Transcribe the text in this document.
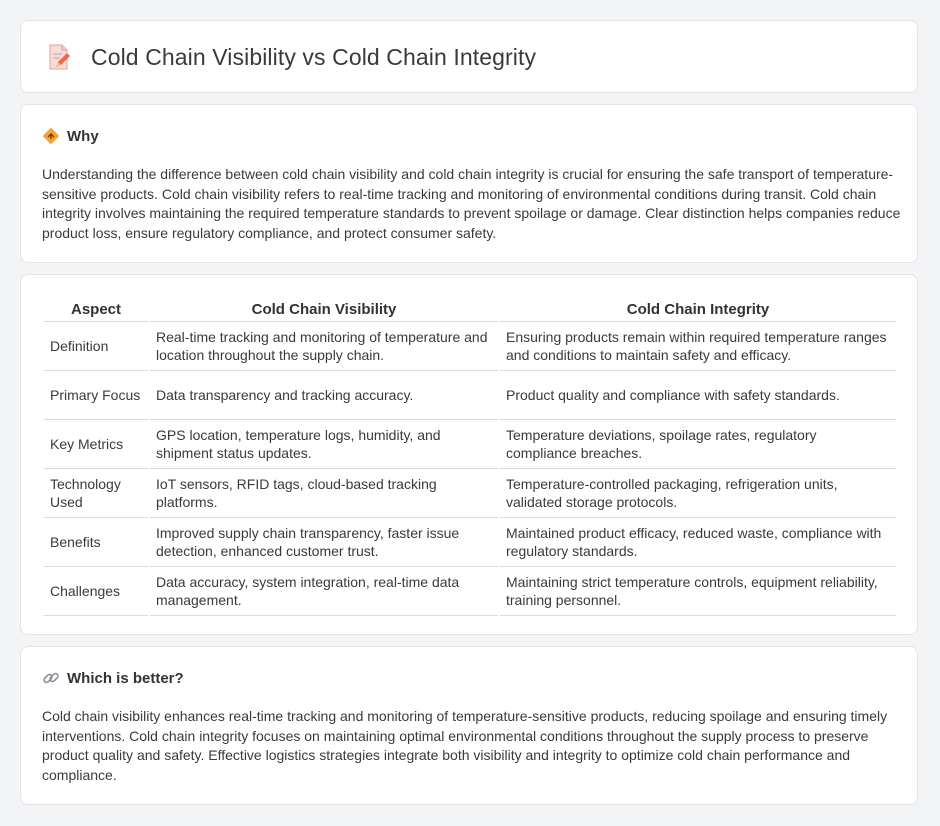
Cold Chain Visibility vs Cold Chain Integrity
Why

Understanding the difference between cold chain visibility and cold chain integrity is crucial for ensuring the safe transport of temperature-sensitive products. Cold chain visibility refers to real-time tracking and monitoring of environmental conditions during transit. Cold chain integrity involves maintaining the required temperature standards to prevent spoilage or damage. Clear distinction helps companies reduce product loss, ensure regulatory compliance, and protect consumer safety.

Aspect	Cold Chain Visibility	Cold Chain Integrity
Definition	Real-time tracking and monitoring of temperature and location throughout the supply chain.	Ensuring products remain within required temperature ranges and conditions to maintain safety and efficacy.
Primary Focus	Data transparency and tracking accuracy.	Product quality and compliance with safety standards.
Key Metrics	GPS location, temperature logs, humidity, and shipment status updates.	Temperature deviations, spoilage rates, regulatory compliance breaches.
Technology Used	IoT sensors, RFID tags, cloud-based tracking platforms.	Temperature-controlled packaging, refrigeration units, validated storage protocols.
Benefits	Improved supply chain transparency, faster issue detection, enhanced customer trust.	Maintained product efficacy, reduced waste, compliance with regulatory standards.
Challenges	Data accuracy, system integration, real-time data management.	Maintaining strict temperature controls, equipment reliability, training personnel.
Which is better?

Cold chain visibility enhances real-time tracking and monitoring of temperature-sensitive products, reducing spoilage and ensuring timely interventions. Cold chain integrity focuses on maintaining optimal environmental conditions throughout the supply process to preserve product quality and safety. Effective logistics strategies integrate both visibility and integrity to optimize cold chain performance and compliance.
